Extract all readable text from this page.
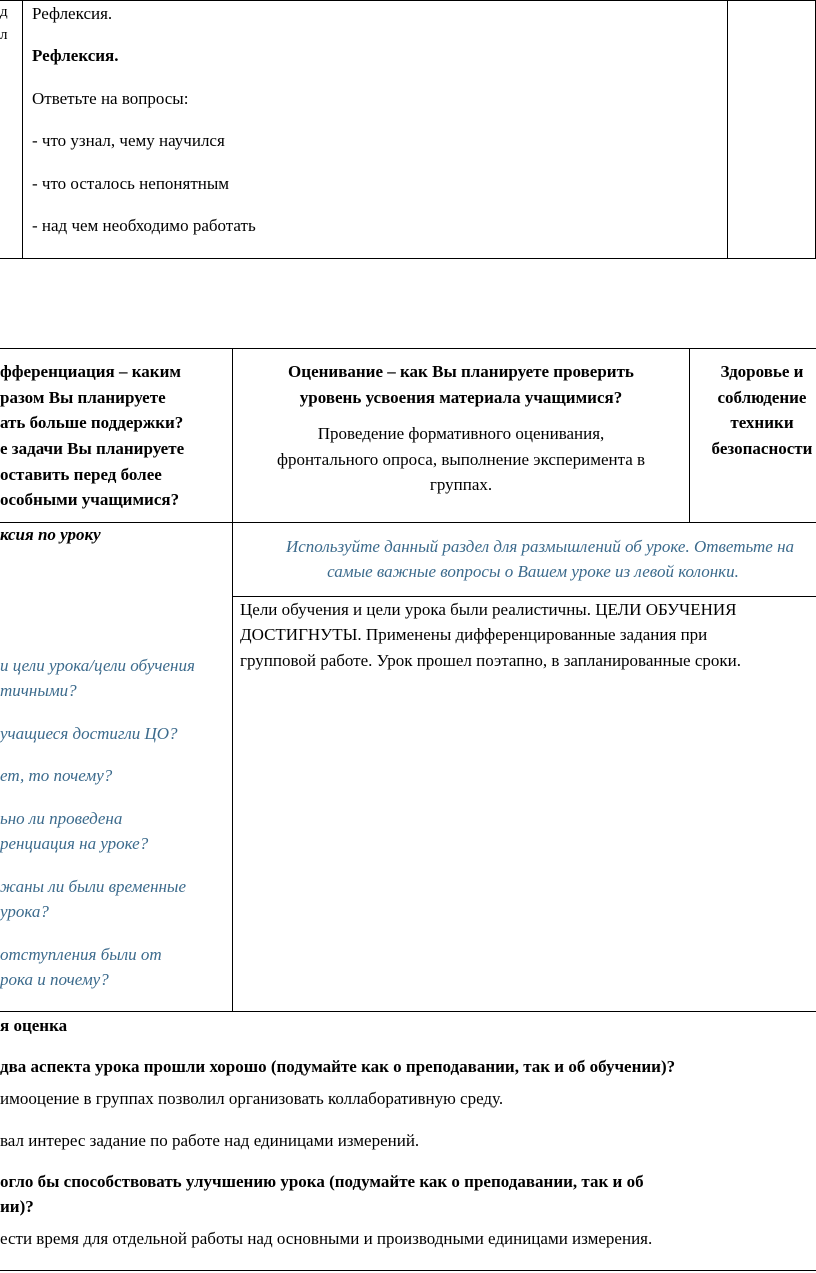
д
л
Рефлексия.
Рефлексия.
Ответьте на вопросы:
- что узнал, чему научился
- что осталось непонятным
- над чем необходимо работать
фференциация – каким
разом Вы планируете
ать больше поддержки?
е задачи Вы планируете
оставить перед более
особными учащимися?
Оценивание – как Вы планируете проверить
уровень усвоения материала учащимися?
Проведение формативного оценивания,
фронтального опроса, выполнение эксперимента в
группах.
Здоровье и
соблюдение
техники
безопасности
ксия по уроку
и цели урока/цели обучения
тичными?
учащиеся достигли ЦО?
ет, то почему?
ьно ли проведена
ренциация на уроке?
жаны ли были временные
урока?
отступления были от
рока и почему?
Используйте данный раздел для размышлений об уроке. Ответьте на
самые важные вопросы о Вашем уроке из левой колонки.
Цели обучения и цели урока были реалистичны. ЦЕЛИ ОБУЧЕНИЯ
ДОСТИГНУТЫ. Применены дифференцированные задания при
групповой работе. Урок прошел поэтапно, в запланированные сроки.
я оценка
два аспекта урока прошли хорошо (подумайте как о преподавании, так и об обучении)?
имооцение в группах позволил организовать коллаборативную среду.
вал интерес задание по работе над единицами измерений.
огло бы способствовать улучшению урока (подумайте как о преподавании, так и об
ии)?
ести время для отдельной работы над основными и производными единицами измерения.
